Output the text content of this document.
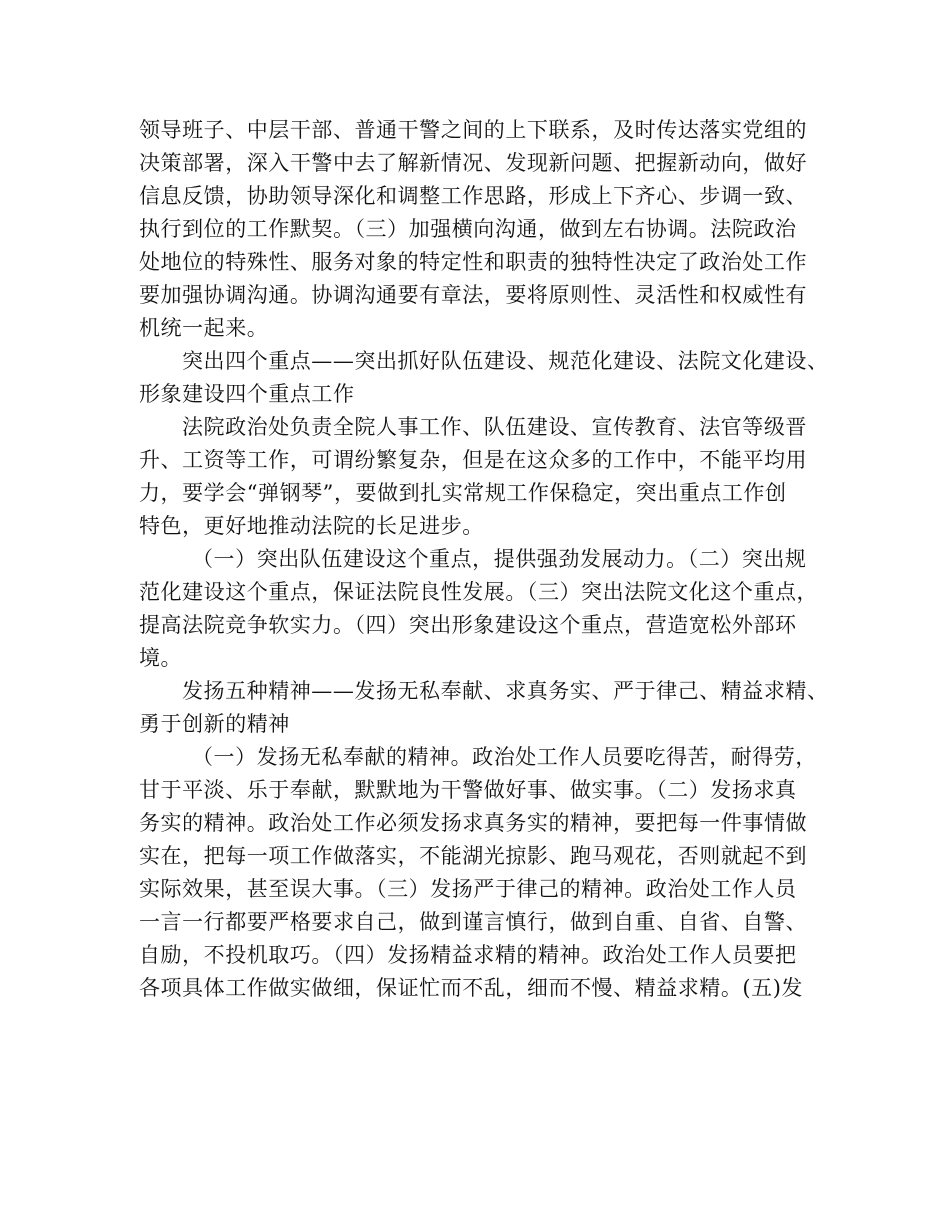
领导班子、中层干部、普通干警之间的上下联系，及时传达落实党组的
决策部署，深入干警中去了解新情况、发现新问题、把握新动向，做好
信息反馈，协助领导深化和调整工作思路，形成上下齐心、步调一致、
执行到位的工作默契。（三）加强横向沟通，做到左右协调。法院政治
处地位的特殊性、服务对象的特定性和职责的独特性决定了政治处工作
要加强协调沟通。协调沟通要有章法，要将原则性、灵活性和权威性有
机统一起来。
突出四个重点——突出抓好队伍建设、规范化建设、法院文化建设、
形象建设四个重点工作
法院政治处负责全院人事工作、队伍建设、宣传教育、法官等级晋
升、工资等工作，可谓纷繁复杂，但是在这众多的工作中，不能平均用
力，要学会“弹钢琴”，要做到扎实常规工作保稳定，突出重点工作创
特色，更好地推动法院的长足进步。
（一）突出队伍建设这个重点，提供强劲发展动力。（二）突出规
范化建设这个重点，保证法院良性发展。（三）突出法院文化这个重点，
提高法院竞争软实力。（四）突出形象建设这个重点，营造宽松外部环
境。
发扬五种精神——发扬无私奉献、求真务实、严于律己、精益求精、
勇于创新的精神
（一）发扬无私奉献的精神。政治处工作人员要吃得苦，耐得劳，
甘于平淡、乐于奉献，默默地为干警做好事、做实事。（二）发扬求真
务实的精神。政治处工作必须发扬求真务实的精神，要把每一件事情做
实在，把每一项工作做落实，不能湖光掠影、跑马观花，否则就起不到
实际效果，甚至误大事。（三）发扬严于律己的精神。政治处工作人员
一言一行都要严格要求自己，做到谨言慎行，做到自重、自省、自警、
自励，不投机取巧。（四）发扬精益求精的精神。政治处工作人员要把
各项具体工作做实做细，保证忙而不乱，细而不慢、精益求精。(五)发
